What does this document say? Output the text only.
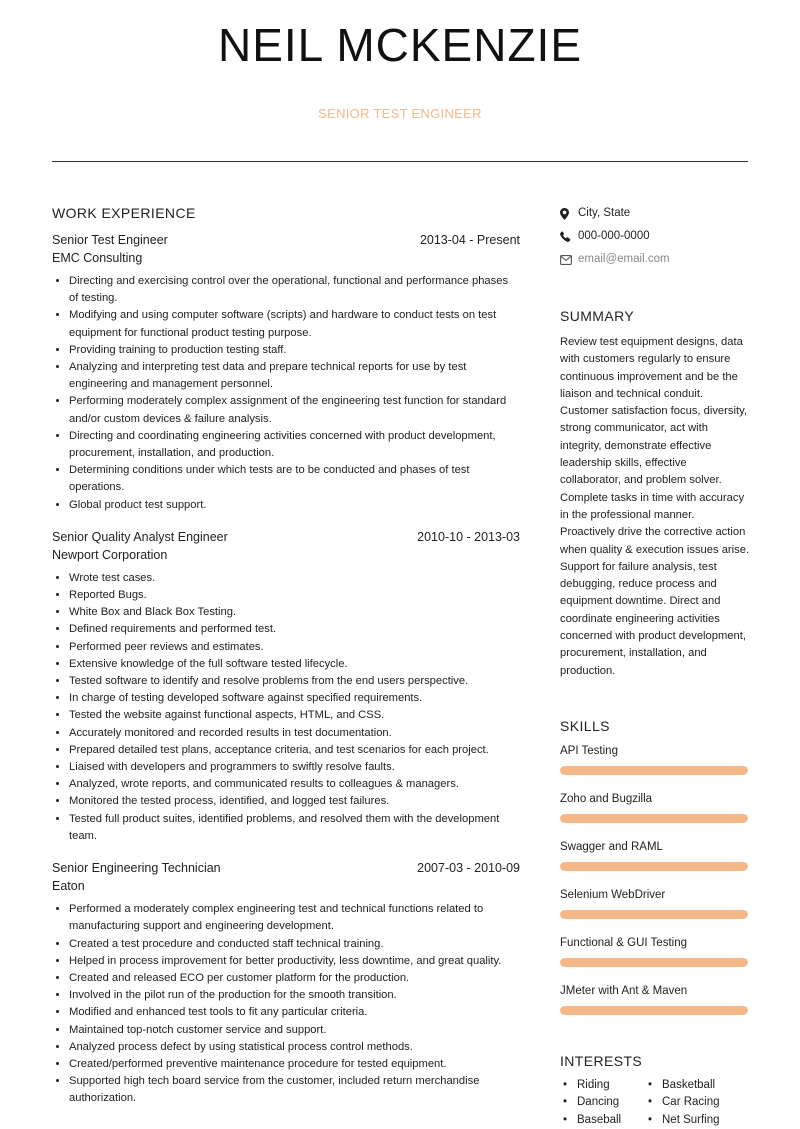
NEIL MCKENZIE
SENIOR TEST ENGINEER
WORK EXPERIENCE
Senior Test Engineer	2013-04 - Present
EMC Consulting
• Directing and exercising control over the operational, functional and performance phases of testing.
• Modifying and using computer software (scripts) and hardware to conduct tests on test equipment for functional product testing purpose.
• Providing training to production testing staff.
• Analyzing and interpreting test data and prepare technical reports for use by test engineering and management personnel.
• Performing moderately complex assignment of the engineering test function for standard and/or custom devices & failure analysis.
• Directing and coordinating engineering activities concerned with product development, procurement, installation, and production.
• Determining conditions under which tests are to be conducted and phases of test operations.
• Global product test support.
Senior Quality Analyst Engineer	2010-10 - 2013-03
Newport Corporation
• Wrote test cases.
• Reported Bugs.
• White Box and Black Box Testing.
• Defined requirements and performed test.
• Performed peer reviews and estimates.
• Extensive knowledge of the full software tested lifecycle.
• Tested software to identify and resolve problems from the end users perspective.
• In charge of testing developed software against specified requirements.
• Tested the website against functional aspects, HTML, and CSS.
• Accurately monitored and recorded results in test documentation.
• Prepared detailed test plans, acceptance criteria, and test scenarios for each project.
• Liaised with developers and programmers to swiftly resolve faults.
• Analyzed, wrote reports, and communicated results to colleagues & managers.
• Monitored the tested process, identified, and logged test failures.
• Tested full product suites, identified problems, and resolved them with the development team.
Senior Engineering Technician	2007-03 - 2010-09
Eaton
• Performed a moderately complex engineering test and technical functions related to manufacturing support and engineering development.
• Created a test procedure and conducted staff technical training.
• Helped in process improvement for better productivity, less downtime, and great quality.
• Created and released ECO per customer platform for the production.
• Involved in the pilot run of the production for the smooth transition.
• Modified and enhanced test tools to fit any particular criteria.
• Maintained top-notch customer service and support.
• Analyzed process defect by using statistical process control methods.
• Created/performed preventive maintenance procedure for tested equipment.
• Supported high tech board service from the customer, included return merchandise authorization.
City, State
000-000-0000
email@email.com
SUMMARY

Review test equipment designs, data with customers regularly to ensure continuous improvement and be the liaison and technical conduit. Customer satisfaction focus, diversity, strong communicator, act with integrity, demonstrate effective leadership skills, effective collaborator, and problem solver. Complete tasks in time with accuracy in the professional manner. Proactively drive the corrective action when quality & execution issues arise. Support for failure analysis, test debugging, reduce process and equipment downtime. Direct and coordinate engineering activities concerned with product development, procurement, installation, and production.

SKILLS
API Testing
Zoho and Bugzilla
Swagger and RAML
Selenium WebDriver
Functional & GUI Testing
JMeter with Ant & Maven
INTERESTS
• Riding	• Basketball
• Dancing	• Car Racing
• Baseball	• Net Surfing
